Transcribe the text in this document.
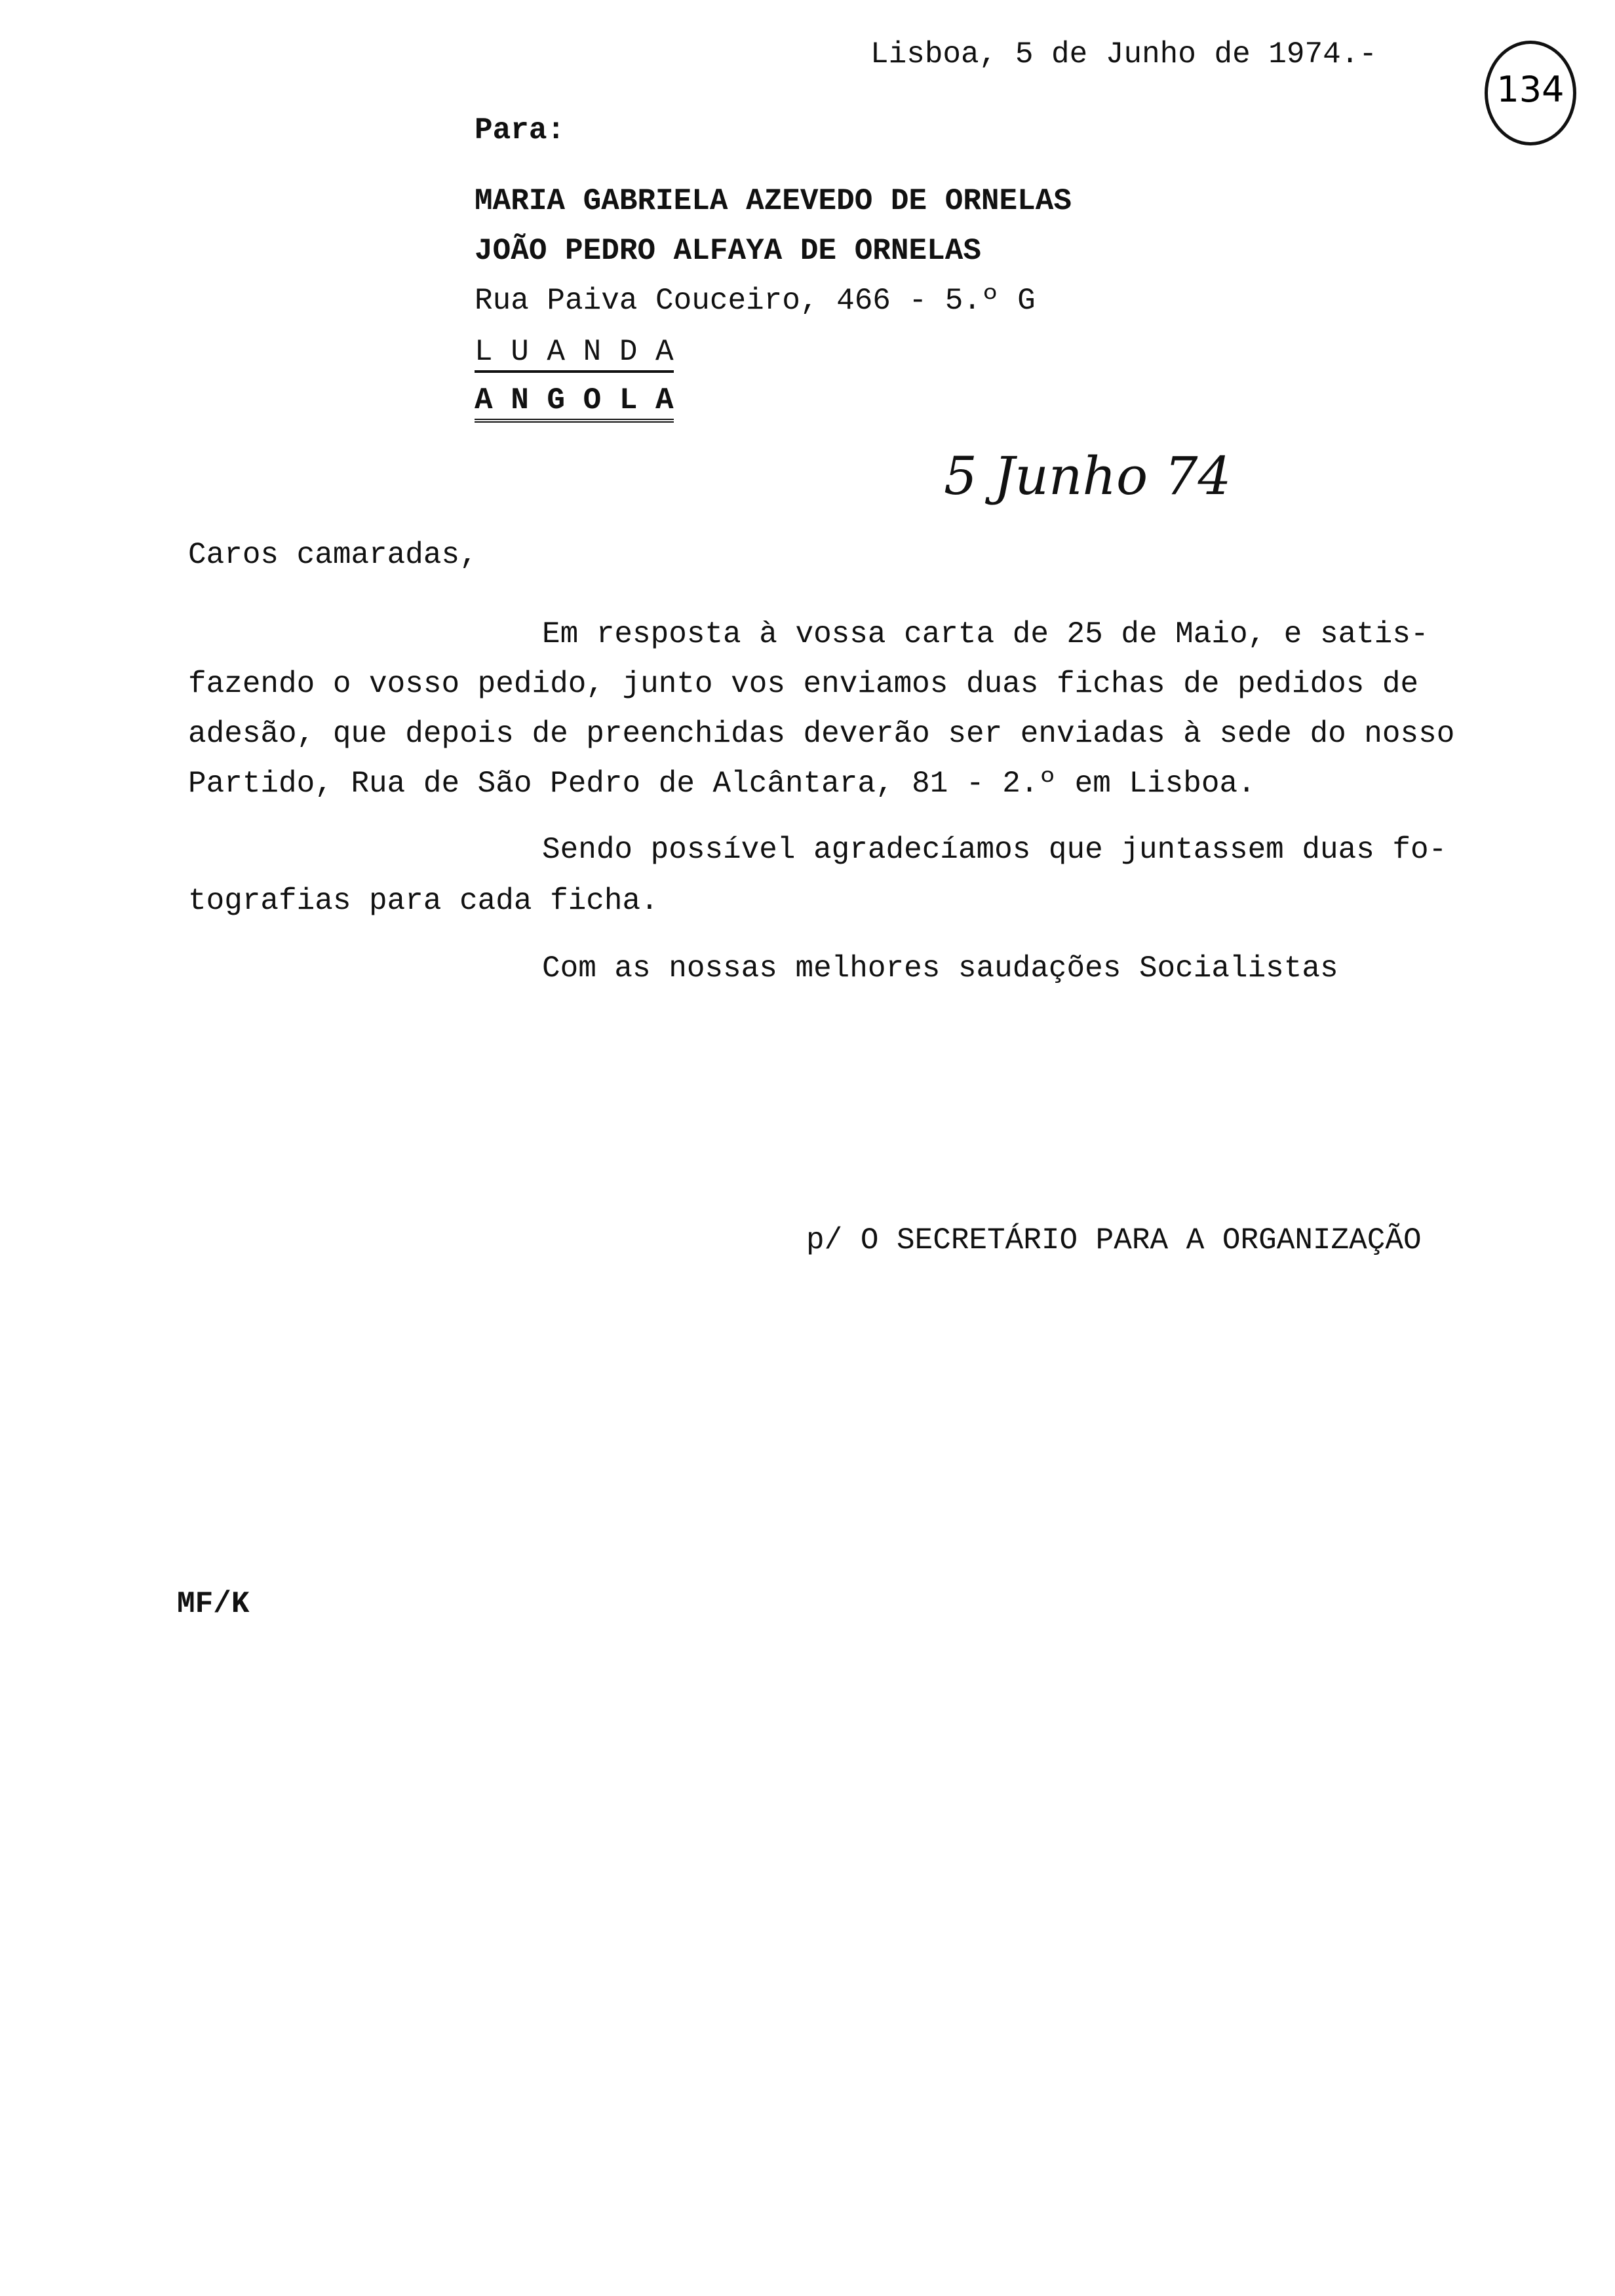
Lisboa, 5 de Junho de 1974.-
134
Para:
MARIA GABRIELA AZEVEDO DE ORNELAS
JOÃO PEDRO ALFAYA DE ORNELAS
Rua Paiva Couceiro, 466 - 5.º G
L U A N D A
A N G O L A
5 Junho 74
Caros camaradas,
Em resposta à vossa carta de 25 de Maio, e satis-
fazendo o vosso pedido, junto vos enviamos duas fichas de pedidos de
adesão, que depois de preenchidas deverão ser enviadas à sede do nosso
Partido, Rua de São Pedro de Alcântara, 81 - 2.º em Lisboa.
Sendo possível agradecíamos que juntassem duas fo-
tografias para cada ficha.
Com as nossas melhores saudações Socialistas
p/ O SECRETÁRIO PARA A ORGANIZAÇÃO
MF/K
